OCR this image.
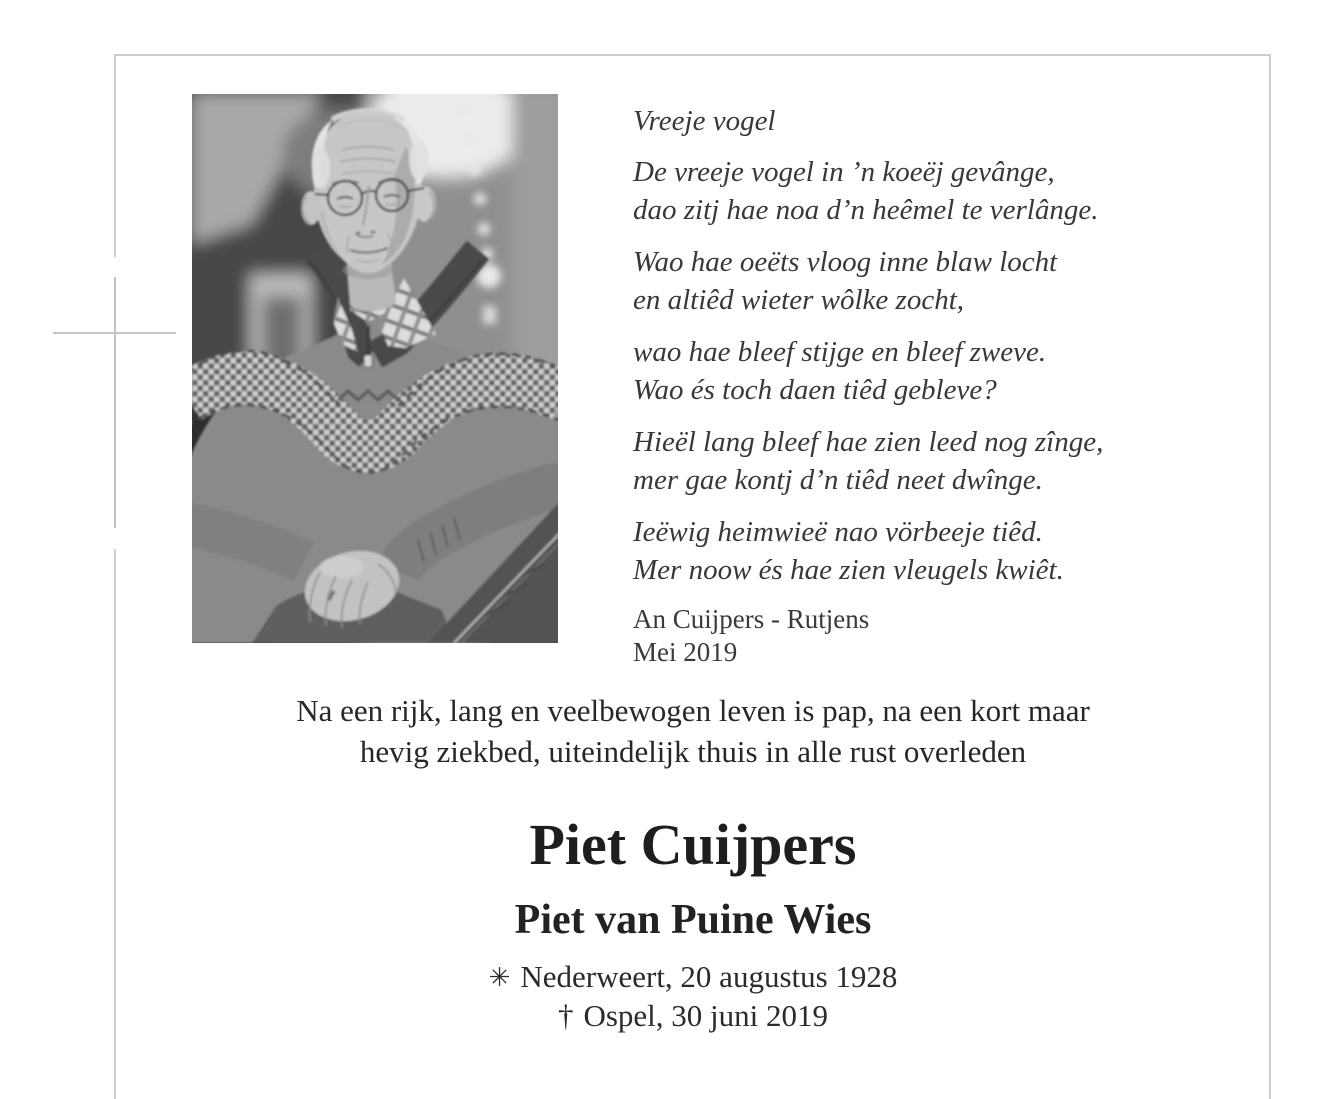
Vreeje vogel
De vreeje vogel in ’n koeëj gevânge,
dao zitj hae noa d’n heêmel te verlânge.
Wao hae oeëts vloog inne blaw locht
en altiêd wieter wôlke zocht,
wao hae bleef stijge en bleef zweve.
Wao és toch daen tiêd gebleve?
Hieël lang bleef hae zien leed nog zînge,
mer gae kontj d’n tiêd neet dwînge.
Ieëwig heimwieë nao vörbeeje tiêd.
Mer noow és hae zien vleugels kwiêt.
An Cuijpers - Rutjens
Mei 2019
Na een rijk, lang en veelbewogen leven is pap, na een kort maar
hevig ziekbed, uiteindelijk thuis in alle rust overleden
Piet Cuijpers
Piet van Puine Wies
✳ Nederweert, 20 augustus 1928
† Ospel, 30 juni 2019
